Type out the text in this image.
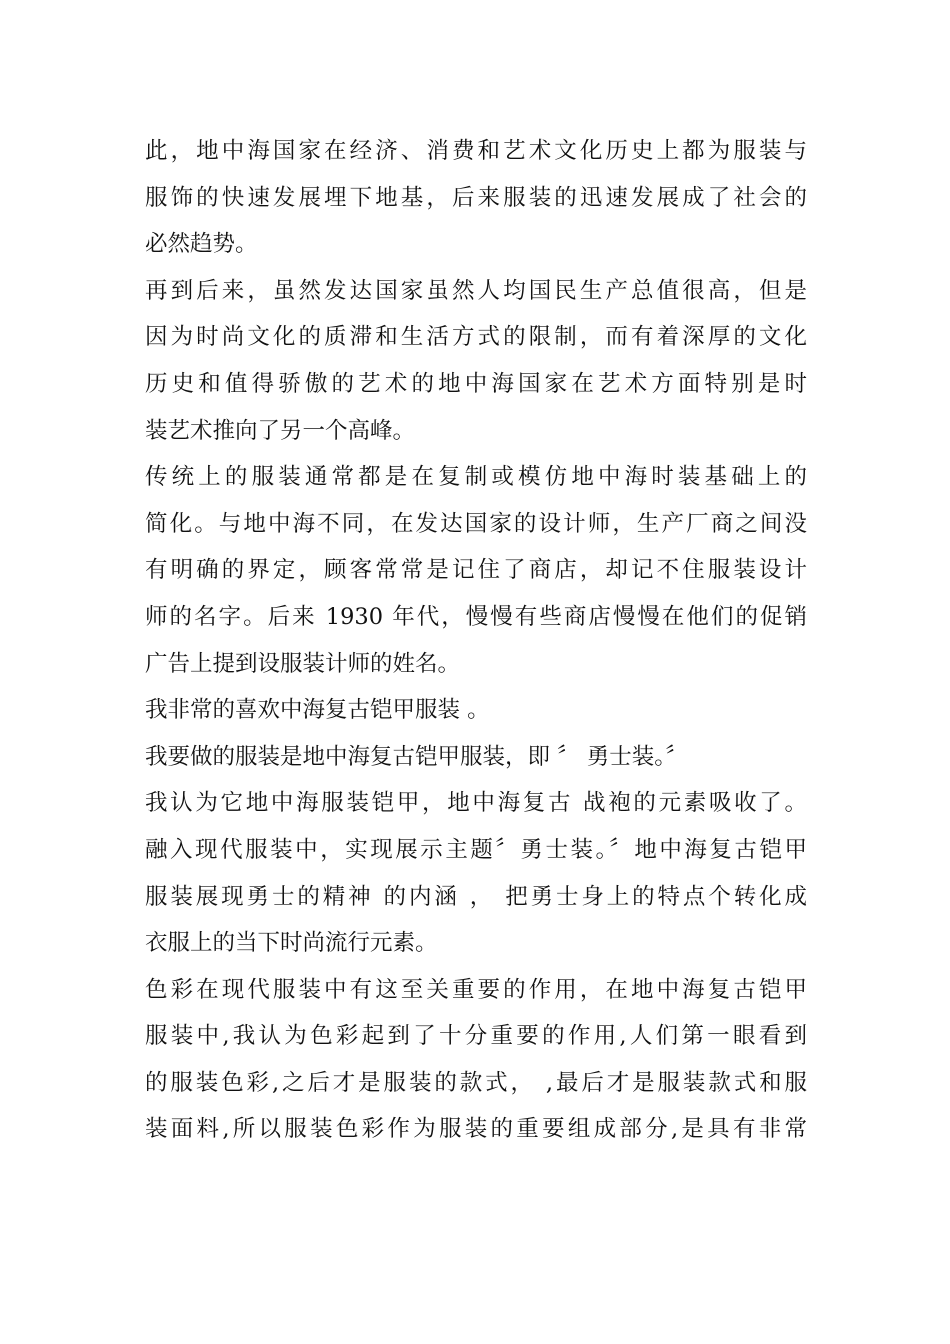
此，地中海国家在经济、消费和艺术文化历史上都为服装与
服饰的快速发展埋下地基，后来服装的迅速发展成了社会的
必然趋势。
再到后来，虽然发达国家虽然人均国民生产总值很高，但是
因为时尚文化的质滞和生活方式的限制，而有着深厚的文化
历史和值得骄傲的艺术的地中海国家在艺术方面特别是时
装艺术推向了另一个高峰。
传统上的服装通常都是在复制或模仿地中海时装基础上的
简化。与地中海不同，在发达国家的设计师，生产厂商之间没
有明确的界定，顾客常常是记住了商店，却记不住服装设计
师的名字。后来 1930 年代，慢慢有些商店慢慢在他们的促销
广告上提到设服装计师的姓名。
我非常的喜欢中海复古铠甲服装 。
我要做的服装是地中海复古铠甲服装，即 〞 勇士装。〞
我认为它地中海服装铠甲，地中海复古 战袍的元素吸收了。
融入现代服装中，实现展示主题〞勇士装。〞地中海复古铠甲
服装展现勇士的精神 的内涵 ， 把勇士身上的特点个转化成
衣服上的当下时尚流行元素。
色彩在现代服装中有这至关重要的作用，在地中海复古铠甲
服装中,我认为色彩起到了十分重要的作用,人们第一眼看到
的服装色彩,之后才是服装的款式， ,最后才是服装款式和服
装面料,所以服装色彩作为服装的重要组成部分,是具有非常
